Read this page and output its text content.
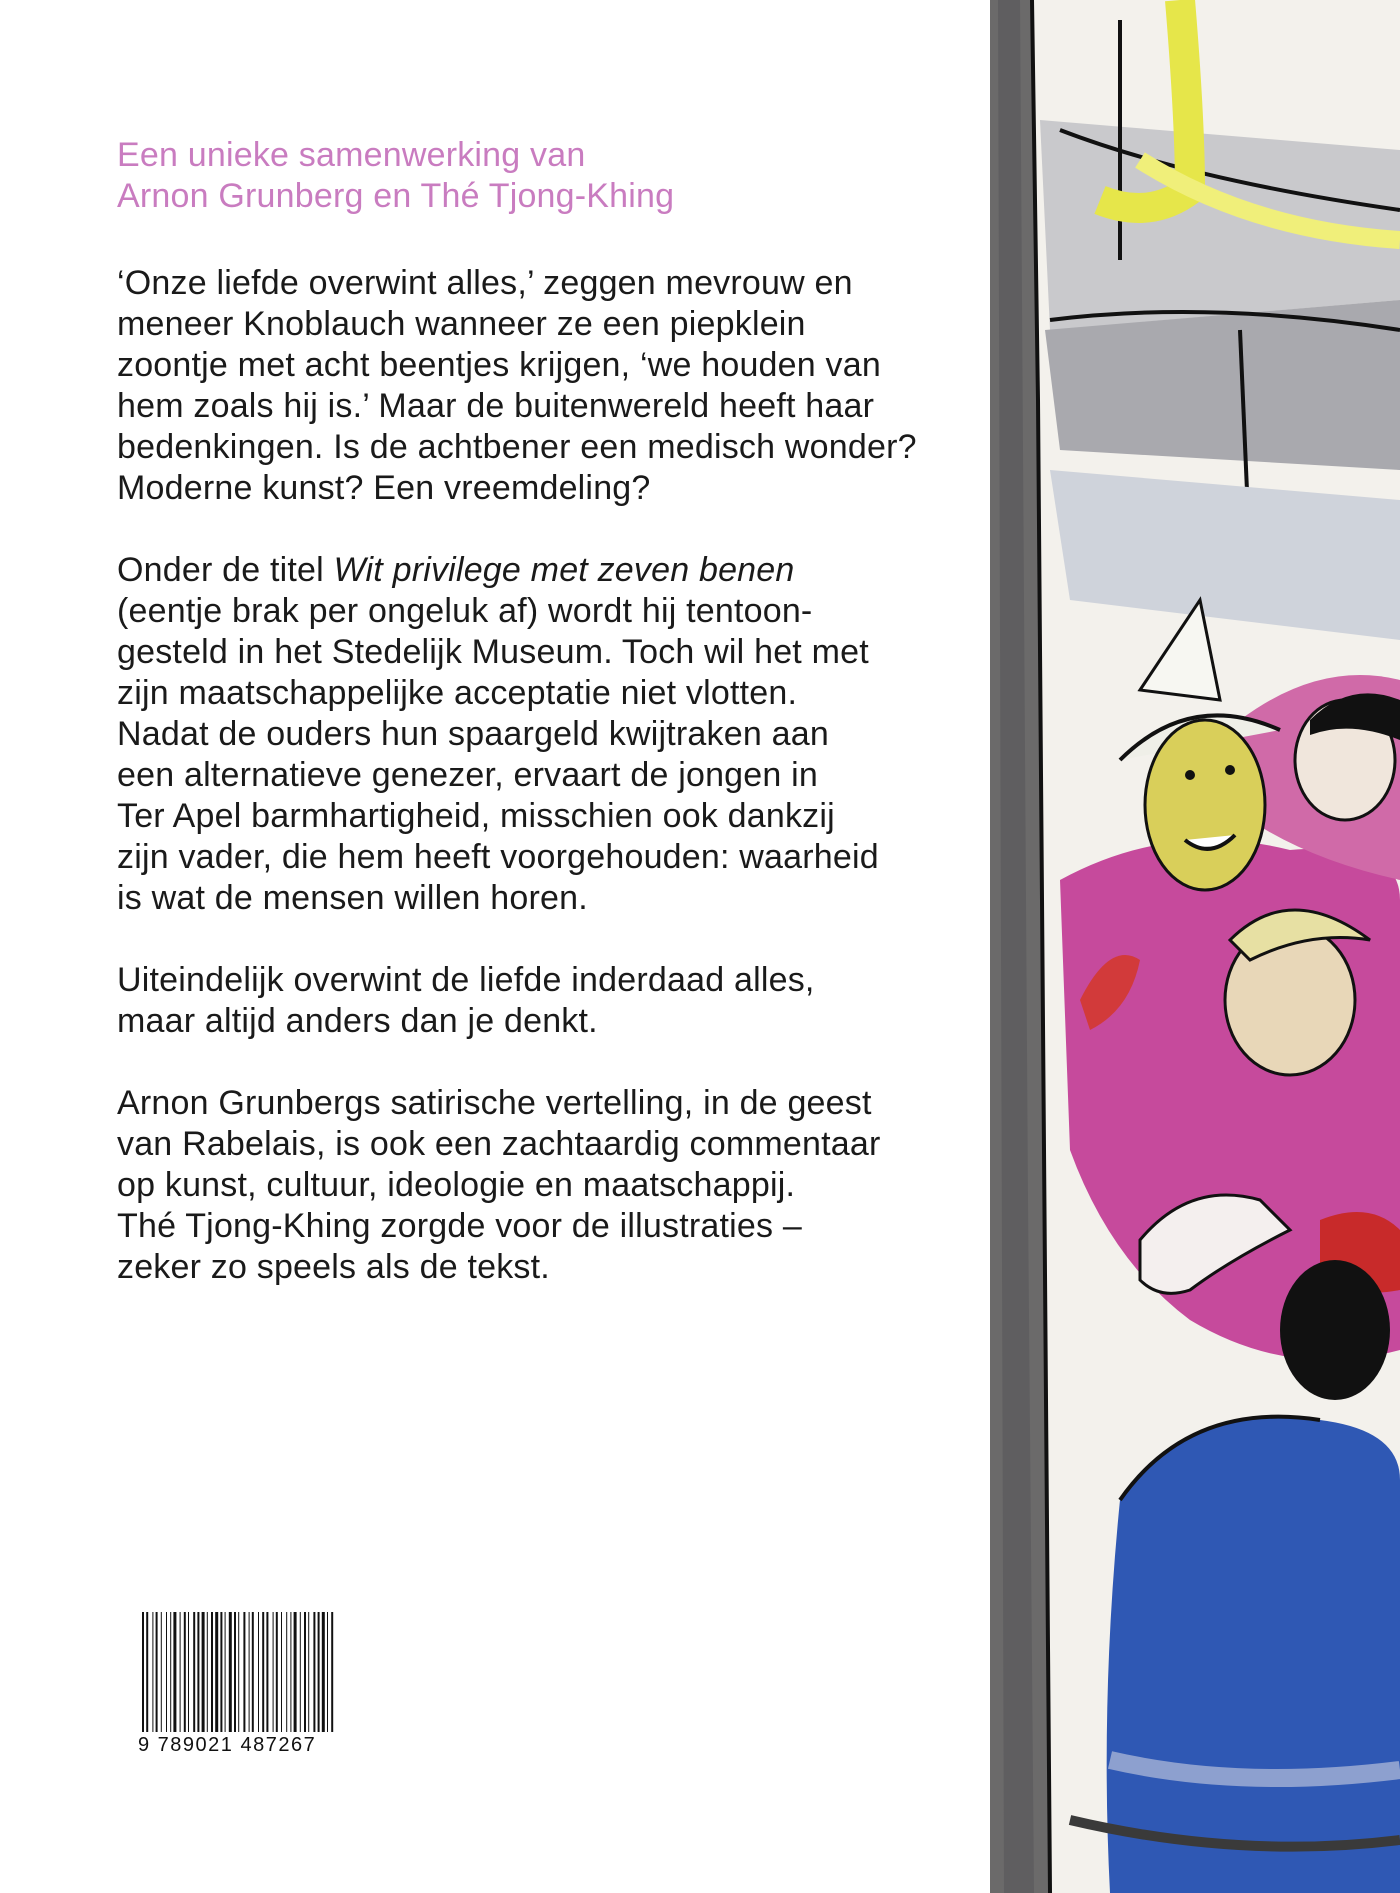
Een unieke samenwerking van
Arnon Grunberg en Thé Tjong-Khing
‘Onze liefde overwint alles,’ zeggen mevrouw en
meneer Knoblauch wanneer ze een piepklein
zoontje met acht beentjes krijgen, ‘we houden van
hem zoals hij is.’ Maar de buitenwereld heeft haar
bedenkingen. Is de achtbener een medisch wonder?
Moderne kunst? Een vreemdeling?
Onder de titel Wit privilege met zeven benen
(eentje brak per ongeluk af) wordt hij tentoon-
gesteld in het Stedelijk Museum. Toch wil het met
zijn maatschappelijke acceptatie niet vlotten.
Nadat de ouders hun spaargeld kwijtraken aan
een alternatieve genezer, ervaart de jongen in
Ter Apel barmhartigheid, misschien ook dankzij
zijn vader, die hem heeft voorgehouden: waarheid
is wat de mensen willen horen.
Uiteindelijk overwint de liefde inderdaad alles,
maar altijd anders dan je denkt.
Arnon Grunbergs satirische vertelling, in de geest
van Rabelais, is ook een zachtaardig commentaar
op kunst, cultuur, ideologie en maatschappij.
Thé Tjong-Khing zorgde voor de illustraties –
zeker zo speels als de tekst.
9 789021 487267
